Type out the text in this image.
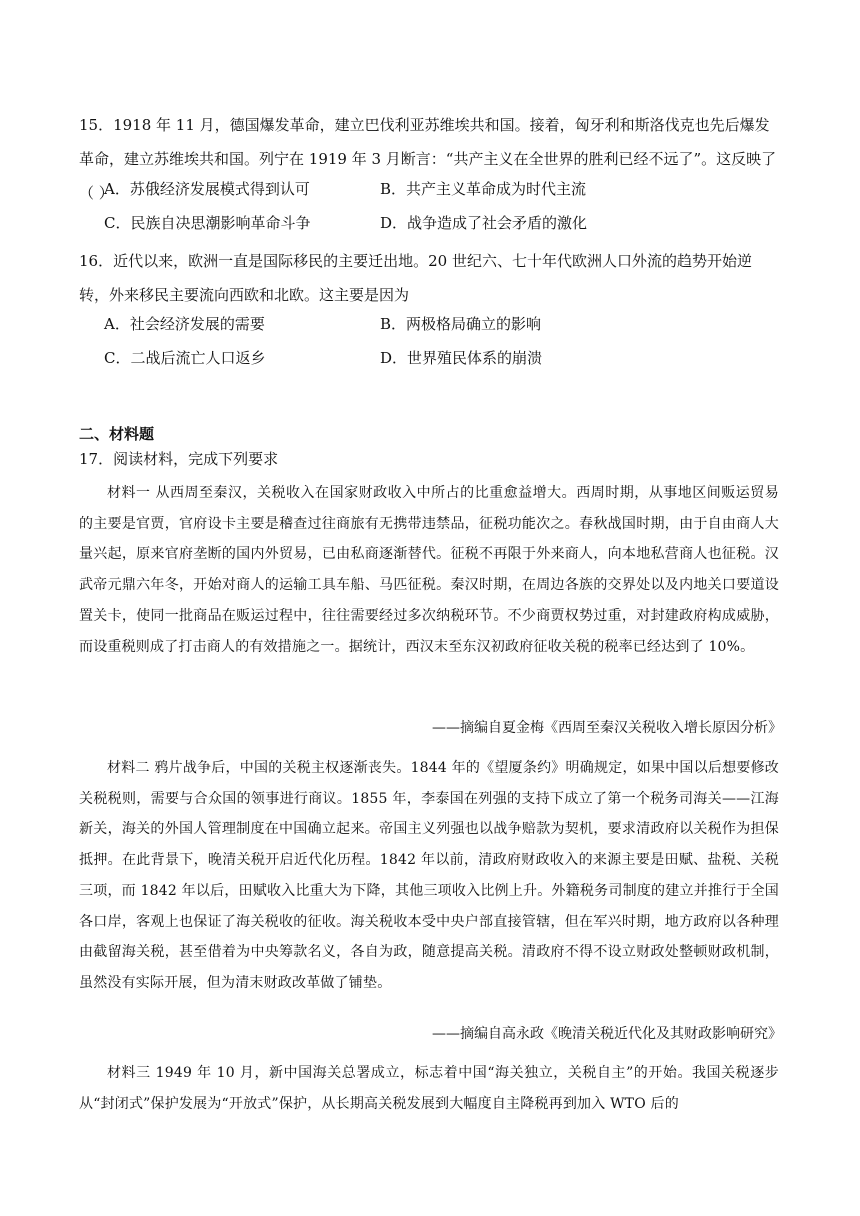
15．1918 年 11 月，德国爆发革命，建立巴伐利亚苏维埃共和国。接着，匈牙利和斯洛伐克也先后爆发革命，建立苏维埃共和国。列宁在 1919 年 3 月断言：“共产主义在全世界的胜利已经不远了”。这反映了（ ）
A．苏俄经济发展模式得到认可	B．共产主义革命成为时代主流
C．民族自决思潮影响革命斗争	D．战争造成了社会矛盾的激化
16．近代以来，欧洲一直是国际移民的主要迁出地。20 世纪六、七十年代欧洲人口外流的趋势开始逆转，外来移民主要流向西欧和北欧。这主要是因为
A．社会经济发展的需要	B．两极格局确立的影响
C．二战后流亡人口返乡	D．世界殖民体系的崩溃
二、材料题
17．阅读材料，完成下列要求
材料一 从西周至秦汉，关税收入在国家财政收入中所占的比重愈益增大。西周时期，从事地区间贩运贸易的主要是官贾，官府设卡主要是稽查过往商旅有无携带违禁品，征税功能次之。春秋战国时期，由于自由商人大量兴起，原来官府垄断的国内外贸易，已由私商逐渐替代。征税不再限于外来商人，向本地私营商人也征税。汉武帝元鼎六年冬，开始对商人的运输工具车船、马匹征税。秦汉时期，在周边各族的交界处以及内地关口要道设置关卡，使同一批商品在贩运过程中，往往需要经过多次纳税环节。不少商贾权势过重，对封建政府构成威胁，而设重税则成了打击商人的有效措施之一。据统计，西汉末至东汉初政府征收关税的税率已经达到了 10%。
——摘编自夏金梅《西周至秦汉关税收入增长原因分析》
材料二 鸦片战争后，中国的关税主权逐渐丧失。1844 年的《望厦条约》明确规定，如果中国以后想要修改关税税则，需要与合众国的领事进行商议。1855 年，李泰国在列强的支持下成立了第一个税务司海关——江海新关，海关的外国人管理制度在中国确立起来。帝国主义列强也以战争赔款为契机，要求清政府以关税作为担保抵押。在此背景下，晚清关税开启近代化历程。1842 年以前，清政府财政收入的来源主要是田赋、盐税、关税三项，而 1842 年以后，田赋收入比重大为下降，其他三项收入比例上升。外籍税务司制度的建立并推行于全国各口岸，客观上也保证了海关税收的征收。海关税收本受中央户部直接管辖，但在军兴时期，地方政府以各种理由截留海关税，甚至借着为中央筹款名义，各自为政，随意提高关税。清政府不得不设立财政处整顿财政机制，虽然没有实际开展，但为清末财政改革做了铺垫。
——摘编自高永政《晚清关税近代化及其财政影响研究》
材料三 1949 年 10 月，新中国海关总署成立，标志着中国“海关独立，关税自主”的开始。我国关税逐步从“封闭式”保护发展为“开放式”保护，从长期高关税发展到大幅度自主降税再到加入 WTO 后的
